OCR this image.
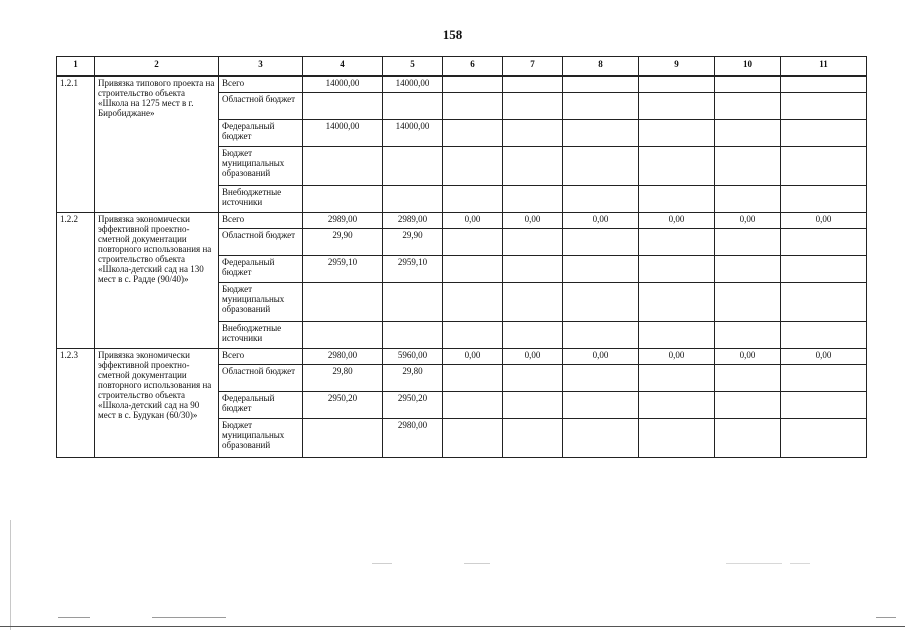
158
1	2	3	4	5	6	7	8	9	10	11
1.2.1	Привязка типового проекта на строительство объекта «Школа на 1275 мест в г. Биробиджане»	Всего	14000,00	14000,00						
		Областной бюджет								
		Федеральный бюджет	14000,00	14000,00						
		Бюджет муниципальных образований								
		Внебюджетные источники								
1.2.2	Привязка экономически эффективной проектно-сметной документации повторного использования на строительство объекта «Школа-детский сад на 130 мест в с. Радде (90/40)»	Всего	2989,00	2989,00	0,00	0,00	0,00	0,00	0,00	0,00
		Областной бюджет	29,90	29,90						
		Федеральный бюджет	2959,10	2959,10						
		Бюджет муниципальных образований								
		Внебюджетные источники								
1.2.3	Привязка экономически эффективной проектно-сметной документации повторного использования на строительство объекта «Школа-детский сад на 90 мест в с. Будукан (60/30)»	Всего	2980,00	5960,00	0,00	0,00	0,00	0,00	0,00	0,00
		Областной бюджет	29,80	29,80						
		Федеральный бюджет	2950,20	2950,20						
		Бюджет муниципальных образований		2980,00						
